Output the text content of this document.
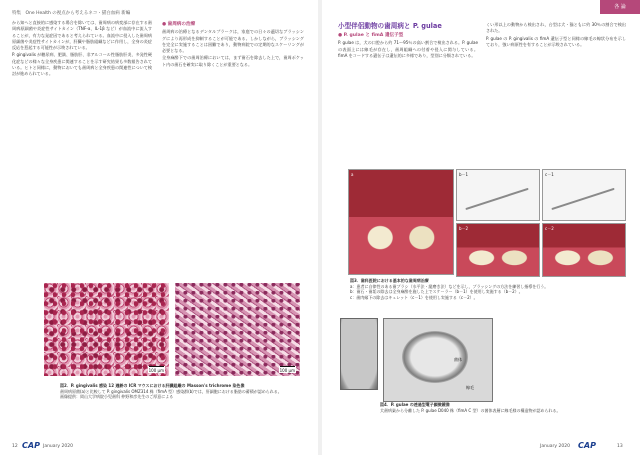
特集　One Health の視点から考えるネコ・猫白血病 新編

から知へと直接的に感染する場合を除いては、歯周病の病変部に存在する歯周病原細菌や炎症性サイトカイン（TNF-α、IL-1β など）が血流中に流入することが，有力な発症因であると考えられている。血流中に侵入した歯周病原細菌や炎症性サイトカインが，肝臓や脂肪組織などに作用し，全身の炎症反応を惹起する可能性が示唆されている。

P. gingivalis が糖尿病、肥満、脂肪肝、非アルコール性脂肪肝炎、多発性硬化症などの様々な全身疾患に関連することを示す研究結果も多数報告されている。ヒトと同様に，動物においても歯周病と全身疾患の関連性について検討が進められている。

● 歯周病の治療

歯周病の治療となるデンタルプラークは，家庭での日々の適切なブラッシングにより再形成を抑制することが可能である。しかしながら，ブラッシングを完全に実施することは困難であり，動物病院での定期的なスケーリングが必要となる。

全身麻酔下での歯周治療においては，まず歯石を除去した上で，歯周ポケット内の歯石を確実に取り除くことが重要となる。

100 μm	100 μm
図2．P. gingivalis 感染 12 週齢の ICR マウスにおける肝臓組織の Masson's trichrome 染色像
歯周病原菌(a)と比較して P. gingivalis OMZ314 株（fimA 型）感染群(b)では，肝細胞における脂肪の蓄積が認められる。
画像提供：岡山大学病院小児歯科 仲野和彦先生のご厚意による
12 CAP January 2020
各 論
小型伴侶動物の歯周病と P. gulae
● P. gulae と fimA 遺伝子型

P. gulae は，犬の口腔から約 71〜95％の高い割合で検出される。P. gulae の表面上には線毛が存在し，歯周組織への付着や侵入に関与している。fimA をコードする遺伝子は遺伝的に多様であり，型別に分類されている。

くい形以上の動物から検出され，台型は犬・猫ともに約 30％の割合で検出された。

P. gulae の P. gingivalis の fimA 遺伝子型と同様の線毛の線状分布を示しており，強い病原性を有することが示唆されている。

a	b－1	c－1
b－2	c－2
図3．歯科医院における基本的な歯周病治療
a：患者に自律性のある歯ブラシ（水平法・縦磨き法）などを示し，ブラッシングの方法を練習し指導を行う。
b：歯石・歯垢の除去は全身麻酔を施した上でスケーラー（b－1）を使用し実施する（b－2）。
c：歯肉縁下の除去はキュレット（c－1）を使用し実施する（c－2）。
菌体
線毛
図4．P. gulae の透過型電子顕微鏡像
犬歯病巣から分離した P. gulae D040 株（fimA C 型）の菌体表層に線毛様の構造物が認められる。
January 2020 CAP	13
